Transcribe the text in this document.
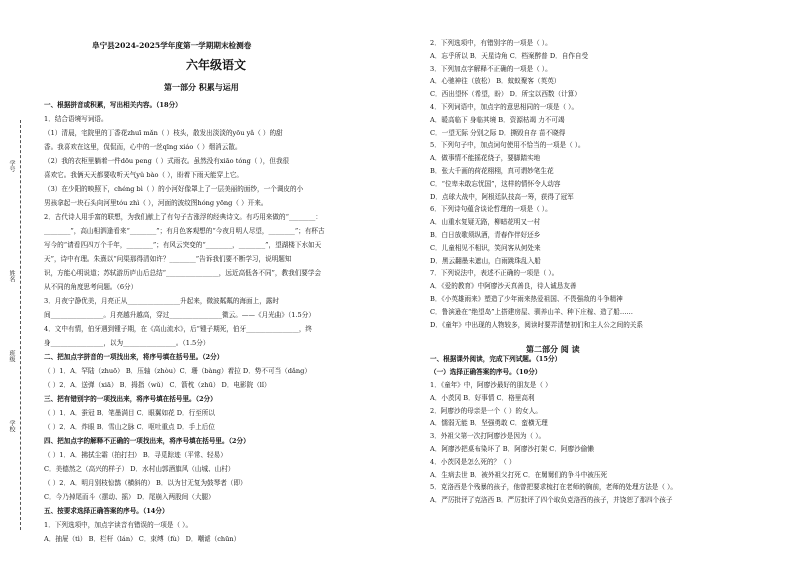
学号
姓名
班级
学校
阜宁县2024-2025学年度第一学期期末检测卷
六年级语文
第一部分 积累与运用
一、根据拼音或积累，写出相关内容。（18分）
1．结合语境写词语。
（1）清晨，宅院里的丁香花zhuī mǎn（ ）枝头，散发出淡淡的yōu yǎ（ ）的甜
香。我喜欢在这里，侃侃而，心中的一丝qīng xiáo（ ）烟消云散。
（2）我的衣柜里躺着一件dōu peng（ ）式雨衣。虽然没有xiāo tóng（ ），但我很
喜欢它。我俩天天都要收听天气yǔ bào（ ），盼着下雨天能穿上它。
（3）在少阳的映照下，chéng bì（ ）的小河好像罩上了一层美丽的面纱，一个调皮的小
男孩拿起一块石头向河里tóu zhì（ ），河面的波纹图hóng yōng（ ）开来。
2．古代诗人用手富的联想，为我们献上了有句子古涨浮的经典诗文。有巧用来做的“________：
________”，高山相泗逢看来“________”；有月色客观想的“今夜月明人尽望，________”；有杯古
写今的“请看匹四万个千年，________”；有风云突变的“________，________”，望湖楼下水如天
天”，诗中有理。朱熹以“问渠那得清如许？________”告诉我们要不断学习，说明题知
识，方能心明说道；苏轼游历庐山后总结“________________，远近高低各不同”，教我们要学会
从不同的角度思考问题。（6分）
3．月夜宁静优美，月亮正从________________升起来，微波粼粼的海面上，露时
间________________。月亮越升越高，穿过________________微云。——《月光曲》（1.5分）
4．文中有情，伯牙遇到锺子期，在《高山流水》，后“锺子期死，伯牙________________，终
身________________，以为________________。（1.5分）
二、把加点字拼音的一项找出来，将序号填在括号里。（2分）
（ ）1．A．罕陆（zhuō） B．压轴（zhòu）C．珊（bàng）着拉 D．势不可当（dǎng）
（ ）2．A．送弹（xiā） B．拇指（wǔ） C．箭枕（zhū） D．电影院（lǐ）
三、把有错别字的一项找出来，将序号填在括号里。（2分）
（ ）1．A．蚕冠 B．笔墨满目 C．眼翼如花 D．行至所以
（ ）2．A．炸眼 B．雪山之脉 C．呕吐重点 D．手上后位
四、把加点字的解释不正确的一项找出来，将序号填在括号里。（2分）
（ ）1．A．拂拭尘霜（拍打扫） B．寻觅踪迹（平常、轻易）
C．美德然之（高兴的样子） D．水村山郭酒旗风（山城、山村）
（ ）2．A．明月别枝惊鹊（横斜的） B．以为甘无复为鼓琴者（即）
C．今乃掉尾而斗（摆动、摇） D．尾崩入两股间（大腿）
五、按要求选择正确答案的序号。（14分）
1．下列选项中，加点字读音有错误的一项是（ ）。
A．抽屉（tì） B．栏杆（lán） C．束缚（fù） D．嘲谑（chūn）
2．下列选项中，有错别字的一项是（ ）。
A．忘乎所以 B．天星诗角 C．档案醉普 D．自作自受
3．下列加点字解释不正确的一项是（ ）。
A．心驰神往（放松） B．蚊蚁聚客（英英）
C．西出望怀（希望，盼） D．所宝以西数（计算）
4．下列词语中，加点字的意思相同的一项是（ ）。
A．暖高临下 身临其境 B．资源枯竭 力不可竭
C．一望无际 分别之际 D．撕毁自存 苗不晓得
5．下列句子中，加点词句使用不恰当的一项是（ ）。
A．做事情不能摇花绕子，要脚踏实地
B．张大千画的荷花栩栩，真可谓妙笔生花
C．“位卑未敢忘忧国”，这样的情怀令人动容
D．点球大战中，阿根廷队技高一筹，获得了冠军
6．下列诗句蕴含谈论哲理的一项是（ ）。
A．山重水复疑无路，柳暗花明又一村
B．白日放歌须纵酒，青春作伴好还乡
C．儿童相见不相识，笑问客从何处来
D．黑云翻墨未遮山，白雨跳珠乱入船
7．下列说法中，表述不正确的一项是（ ）。
A．《爱的教育》中阿廖沙天真善良，待人诚恳友善
B．《小英雄雨来》塑造了少年雨来热爱祖国、不畏强敌的斗争精神
C．鲁滨逊在“绝望岛”上搭建房屋、驯养山羊、种下庄稼、造了船……
D．《童年》中出现的人物较多，阅读时要弄清楚初们和主人公之间的关系
一、根据课外阅读，完成下列试题。（15分）
（一）选择正确答案的序号。（10分）
1．《童年》中，阿廖沙最好的朋友是（ ）
A．小茨冈 B．好事情 C．格里高利
2．阿廖沙的母亲是一个（ ）的女人。
A．懦弱无能 B．坚强勇敢 C．蛮横无理
3．外祖父第一次打阿廖沙是因为（ ）。
A．阿廖沙把桌布染坏了 B．阿廖沙打架 C．阿廖沙偷懒
4．小茨冈是怎么死的？（ ）
A．生病去世 B．被外祖父打死 C．在舅舅们的争斗中被压死
5．克洛西是个残暴的孩子，他曾把要求梳打在老师的胸前，老师的处理方法是（ ）。
A．严厉批评了克洛西 B．严厉批评了四个取负克洛西的孩子，并饶恕了那四个孩子
第二部分 阅 读
